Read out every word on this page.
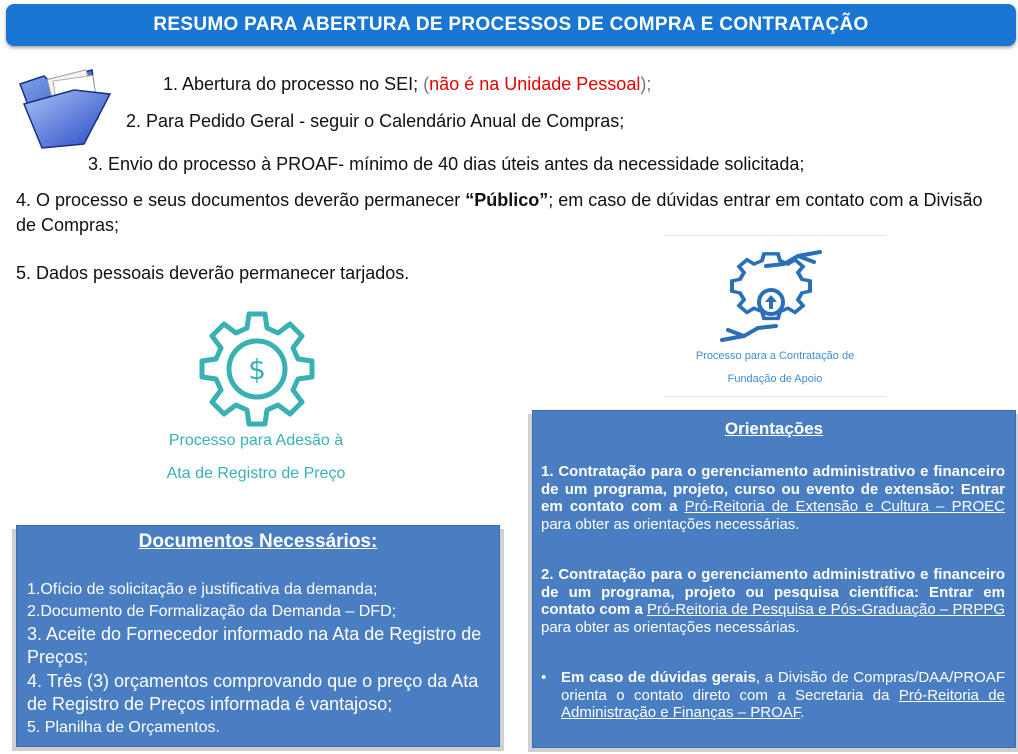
RESUMO PARA ABERTURA DE PROCESSOS DE COMPRA E CONTRATAÇÃO
1. Abertura do processo no SEI; (não é na Unidade Pessoal);
2. Para Pedido Geral - seguir o Calendário Anual de Compras;
3. Envio do processo à PROAF- mínimo de 40 dias úteis antes da necessidade solicitada;
4. O processo e seus documentos deverão permanecer “Público”; em caso de dúvidas entrar em contato com a Divisão de Compras;
5. Dados pessoais deverão permanecer tarjados.
$
Processo para Adesão à
Ata de Registro de Preço
Processo para a Contratação de
Fundação de Apoio
Documentos Necessários:
1.Ofício de solicitação e justificativa da demanda;
2.Documento de Formalização da Demanda – DFD;
3. Aceite do Fornecedor informado na Ata de Registro de Preços;
4. Três (3) orçamentos comprovando que o preço da Ata de Registro de Preços informada é vantajoso;
5. Planilha de Orçamentos.
Orientações
1. Contratação para o gerenciamento administrativo e financeiro de um programa, projeto, curso ou evento de extensão: Entrar em contato com a Pró-Reitoria de Extensão e Cultura – PROEC para obter as orientações necessárias.
2. Contratação para o gerenciamento administrativo e financeiro de um programa, projeto ou pesquisa científica: Entrar em contato com a Pró-Reitoria de Pesquisa e Pós-Graduação – PRPPG para obter as orientações necessárias.
• Em caso de dúvidas gerais, a Divisão de Compras/DAA/PROAF orienta o contato direto com a Secretaria da Pró-Reitoria de Administração e Finanças – PROAF.
